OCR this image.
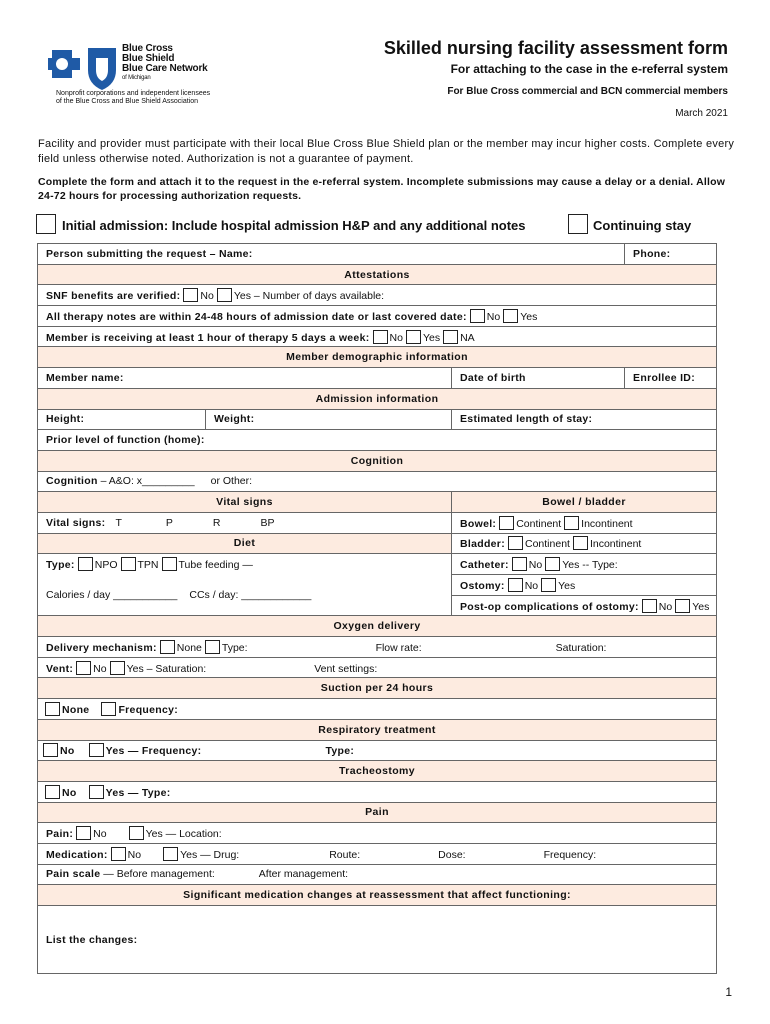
Blue Cross
Blue Shield
Blue Care Network
of Michigan
Nonprofit corporations and independent licensees
of the Blue Cross and Blue Shield Association
Skilled nursing facility assessment form
For attaching to the case in the e-referral system
For Blue Cross commercial and BCN commercial members
March 2021
Facility and provider must participate with their local Blue Cross Blue Shield plan or the member may incur higher costs. Complete every field unless otherwise noted. Authorization is not a guarantee of payment.
Complete the form and attach it to the request in the e-referral system. Incomplete submissions may cause a delay or a denial. Allow 24-72 hours for processing authorization requests.
Initial admission: Include hospital admission H&P and any additional notes	Continuing stay
Person submitting the request – Name:			Phone:
Attestations			
SNF benefits are verified: No Yes – Number of days available:			
All therapy notes are within 24-48 hours of admission date or last covered date: No Yes			
Member is receiving at least 1 hour of therapy 5 days a week: No Yes NA			
Member demographic information			
Member name:		Date of birth	Enrollee ID:
Admission information			
Height:	Weight:	Estimated length of stay:	
Prior level of function (home):			
Cognition			
Cognition – A&O: x_________ or Other:			
Vital signs		Bowel / bladder	
Vital signs: T P R BP		Bowel: Continent Incontinent	
Diet		Bladder: Continent Incontinent	
Type: NPO TPN Tube feeding —		Catheter: No Yes -- Type:	
Calories / day ___________ CCs / day: ____________		Ostomy: No Yes	
		Post-op complications of ostomy: No Yes	
Oxygen delivery			
Delivery mechanism: None Type: Flow rate: Saturation:			
Vent: No Yes – Saturation: Vent settings:			
Suction per 24 hours			
None Frequency:			
Respiratory treatment			
No Yes — Frequency: Type:			
Tracheostomy			
No Yes — Type:			
Pain			
Pain: No Yes — Location:			
Medication: No Yes — Drug: Route: Dose: Frequency:			
Pain scale — Before management: After management:			
Significant medication changes at reassessment that affect functioning:			
List the changes:			
1
